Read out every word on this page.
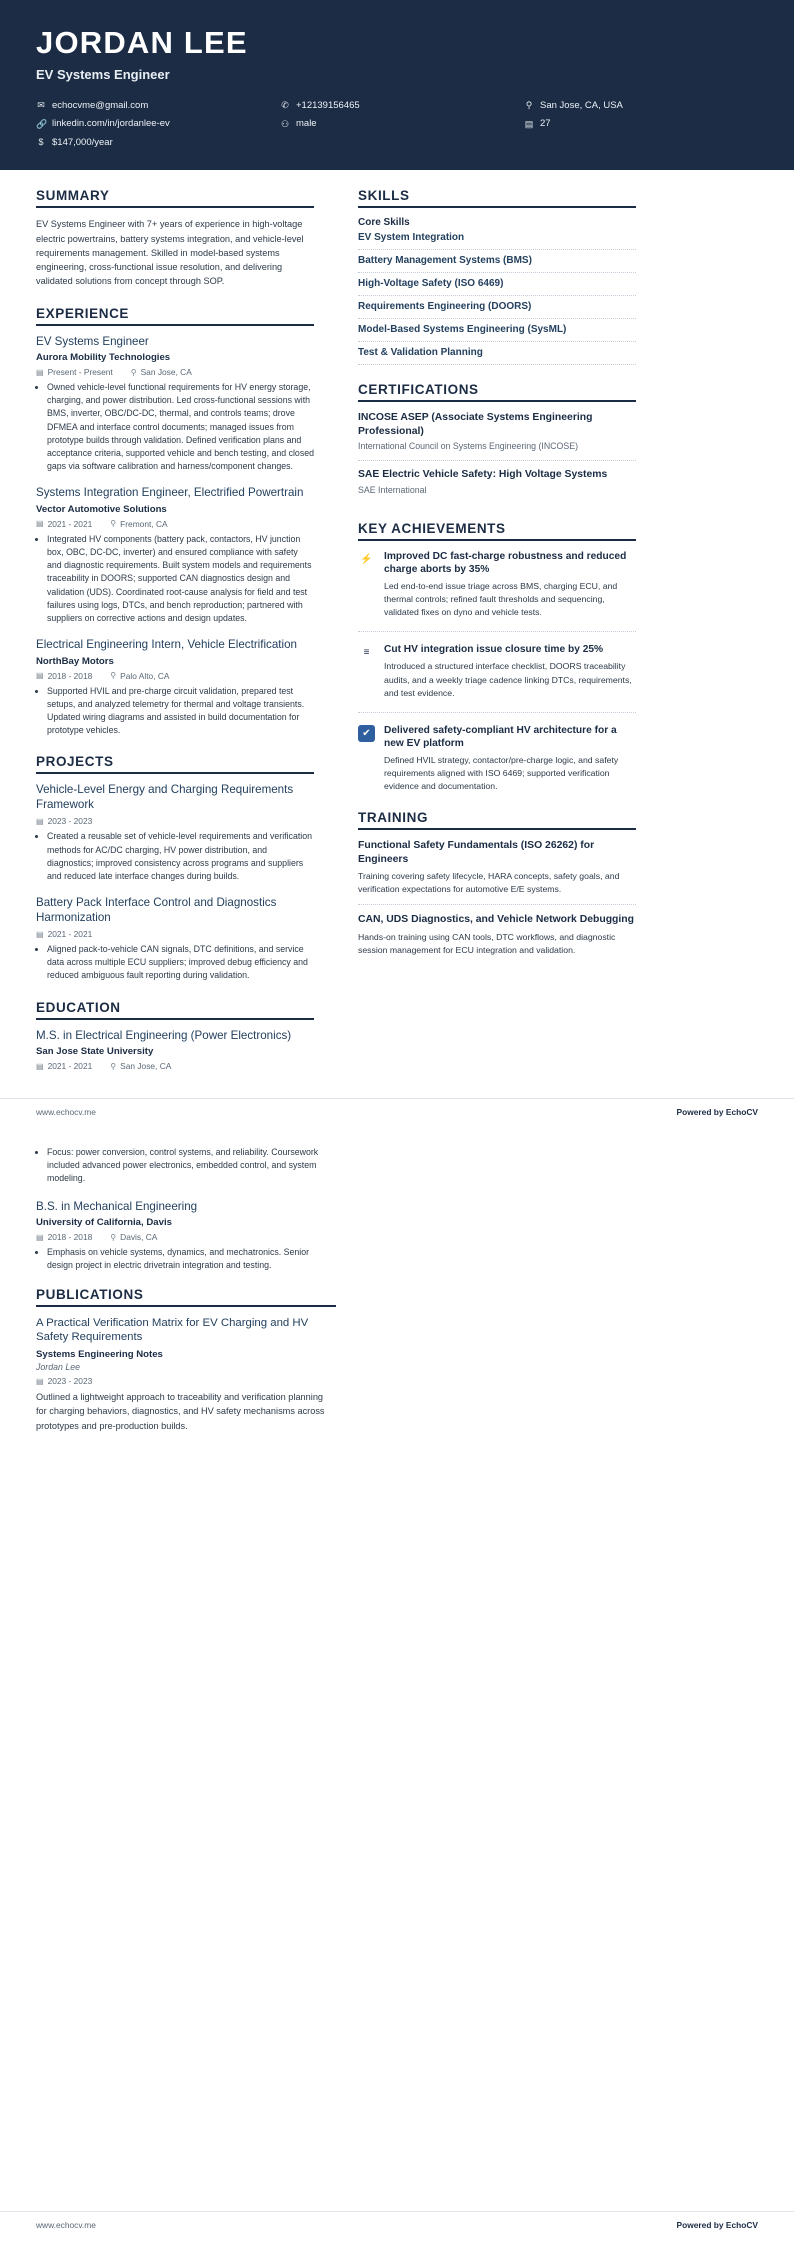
JORDAN LEE
EV Systems Engineer
✉ echocvme@gmail.com	✆ +12139156465	⚲ San Jose, CA, USA
🔗 linkedin.com/in/jordanlee-ev	⚇ male	▤ 27
$ $147,000/year
SUMMARY
EV Systems Engineer with 7+ years of experience in high-voltage electric powertrains, battery systems integration, and vehicle-level requirements management. Skilled in model-based systems engineering, cross-functional issue resolution, and delivering validated solutions from concept through SOP.
EXPERIENCE
EV Systems Engineer
Aurora Mobility Technologies
▤ Present - Present ⚲ San Jose, CA
• Owned vehicle-level functional requirements for HV energy storage, charging, and power distribution. Led cross-functional sessions with BMS, inverter, OBC/DC-DC, thermal, and controls teams; drove DFMEA and interface control documents; managed issues from prototype builds through validation. Defined verification plans and acceptance criteria, supported vehicle and bench testing, and closed gaps via software calibration and harness/component changes.
Systems Integration Engineer, Electrified Powertrain
Vector Automotive Solutions
▤ 2021 - 2021 ⚲ Fremont, CA
• Integrated HV components (battery pack, contactors, HV junction box, OBC, DC-DC, inverter) and ensured compliance with safety and diagnostic requirements. Built system models and requirements traceability in DOORS; supported CAN diagnostics design and validation (UDS). Coordinated root-cause analysis for field and test failures using logs, DTCs, and bench reproduction; partnered with suppliers on corrective actions and design updates.
Electrical Engineering Intern, Vehicle Electrification
NorthBay Motors
▤ 2018 - 2018 ⚲ Palo Alto, CA
• Supported HVIL and pre-charge circuit validation, prepared test setups, and analyzed telemetry for thermal and voltage transients. Updated wiring diagrams and assisted in build documentation for prototype vehicles.
PROJECTS
Vehicle-Level Energy and Charging Requirements Framework
▤ 2023 - 2023
• Created a reusable set of vehicle-level requirements and verification methods for AC/DC charging, HV power distribution, and diagnostics; improved consistency across programs and suppliers and reduced late interface changes during builds.
Battery Pack Interface Control and Diagnostics Harmonization
▤ 2021 - 2021
• Aligned pack-to-vehicle CAN signals, DTC definitions, and service data across multiple ECU suppliers; improved debug efficiency and reduced ambiguous fault reporting during validation.
EDUCATION
M.S. in Electrical Engineering (Power Electronics)
San Jose State University
▤ 2021 - 2021 ⚲ San Jose, CA
SKILLS
Core Skills
EV System Integration
Battery Management Systems (BMS)
High-Voltage Safety (ISO 6469)
Requirements Engineering (DOORS)
Model-Based Systems Engineering (SysML)
Test & Validation Planning
CERTIFICATIONS
INCOSE ASEP (Associate Systems Engineering Professional)
International Council on Systems Engineering (INCOSE)
SAE Electric Vehicle Safety: High Voltage Systems
SAE International
KEY ACHIEVEMENTS
⚡ Improved DC fast-charge robustness and reduced charge aborts by 35%
Led end-to-end issue triage across BMS, charging ECU, and thermal controls; refined fault thresholds and sequencing, validated fixes on dyno and vehicle tests.
≡	Cut HV integration issue closure time by 25%
Introduced a structured interface checklist, DOORS traceability audits, and a weekly triage cadence linking DTCs, requirements, and test evidence.
✔	Delivered safety-compliant HV architecture for a new EV platform
Defined HVIL strategy, contactor/pre-charge logic, and safety requirements aligned with ISO 6469; supported verification evidence and documentation.
TRAINING
Functional Safety Fundamentals (ISO 26262) for Engineers
Training covering safety lifecycle, HARA concepts, safety goals, and verification expectations for automotive E/E systems.
CAN, UDS Diagnostics, and Vehicle Network Debugging
Hands-on training using CAN tools, DTC workflows, and diagnostic session management for ECU integration and validation.
www.echocv.me	Powered by EchoCV
• Focus: power conversion, control systems, and reliability. Coursework included advanced power electronics, embedded control, and system modeling.
B.S. in Mechanical Engineering
University of California, Davis
▤ 2018 - 2018 ⚲ Davis, CA
• Emphasis on vehicle systems, dynamics, and mechatronics. Senior design project in electric drivetrain integration and testing.
PUBLICATIONS
A Practical Verification Matrix for EV Charging and HV Safety Requirements
Systems Engineering Notes
Jordan Lee
▤ 2023 - 2023
Outlined a lightweight approach to traceability and verification planning for charging behaviors, diagnostics, and HV safety mechanisms across prototypes and pre-production builds.
www.echocv.me	Powered by EchoCV
